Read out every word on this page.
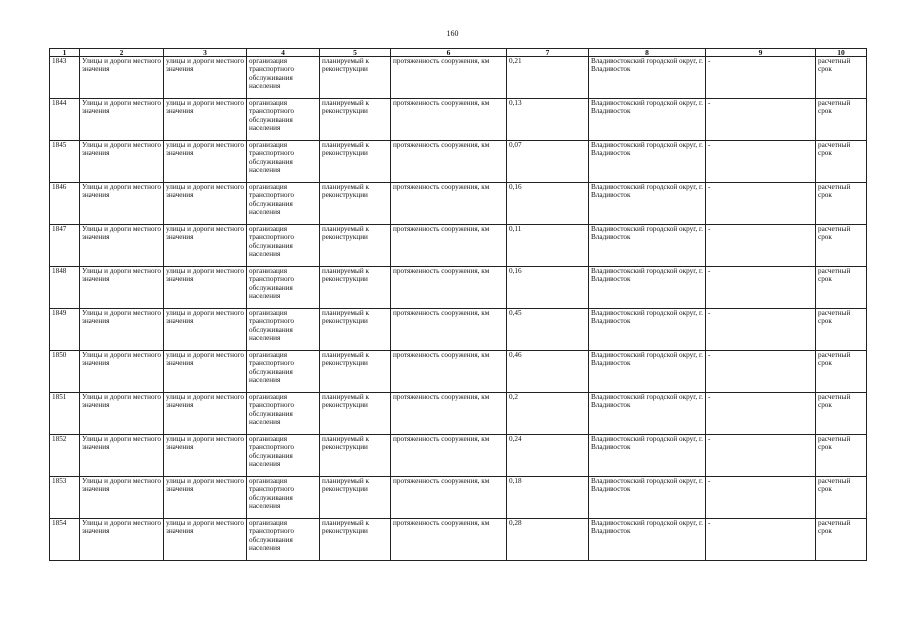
160
1	2	3	4	5	6	7	8	9	10
1843	Улицы и дороги местного значения	улицы и дороги местного значения	организация транспортного обслуживания населения	планируемый к реконструкции	протяженность сооружения, км	0,21	Владивостокский городской округ, г. Владивосток	-	расчетный срок
1844	Улицы и дороги местного значения	улицы и дороги местного значения	организация транспортного обслуживания населения	планируемый к реконструкции	протяженность сооружения, км	0,13	Владивостокский городской округ, г. Владивосток	-	расчетный срок
1845	Улицы и дороги местного значения	улицы и дороги местного значения	организация транспортного обслуживания населения	планируемый к реконструкции	протяженность сооружения, км	0,07	Владивостокский городской округ, г. Владивосток	-	расчетный срок
1846	Улицы и дороги местного значения	улицы и дороги местного значения	организация транспортного обслуживания населения	планируемый к реконструкции	протяженность сооружения, км	0,16	Владивостокский городской округ, г. Владивосток	-	расчетный срок
1847	Улицы и дороги местного значения	улицы и дороги местного значения	организация транспортного обслуживания населения	планируемый к реконструкции	протяженность сооружения, км	0,11	Владивостокский городской округ, г. Владивосток	-	расчетный срок
1848	Улицы и дороги местного значения	улицы и дороги местного значения	организация транспортного обслуживания населения	планируемый к реконструкции	протяженность сооружения, км	0,16	Владивостокский городской округ, г. Владивосток	-	расчетный срок
1849	Улицы и дороги местного значения	улицы и дороги местного значения	организация транспортного обслуживания населения	планируемый к реконструкции	протяженность сооружения, км	0,45	Владивостокский городской округ, г. Владивосток	-	расчетный срок
1850	Улицы и дороги местного значения	улицы и дороги местного значения	организация транспортного обслуживания населения	планируемый к реконструкции	протяженность сооружения, км	0,46	Владивостокский городской округ, г. Владивосток	-	расчетный срок
1851	Улицы и дороги местного значения	улицы и дороги местного значения	организация транспортного обслуживания населения	планируемый к реконструкции	протяженность сооружения, км	0,2	Владивостокский городской округ, г. Владивосток	-	расчетный срок
1852	Улицы и дороги местного значения	улицы и дороги местного значения	организация транспортного обслуживания населения	планируемый к реконструкции	протяженность сооружения, км	0,24	Владивостокский городской округ, г. Владивосток	-	расчетный срок
1853	Улицы и дороги местного значения	улицы и дороги местного значения	организация транспортного обслуживания населения	планируемый к реконструкции	протяженность сооружения, км	0,18	Владивостокский городской округ, г. Владивосток	-	расчетный срок
1854	Улицы и дороги местного значения	улицы и дороги местного значения	организация транспортного обслуживания населения	планируемый к реконструкции	протяженность сооружения, км	0,28	Владивостокский городской округ, г. Владивосток	-	расчетный срок
